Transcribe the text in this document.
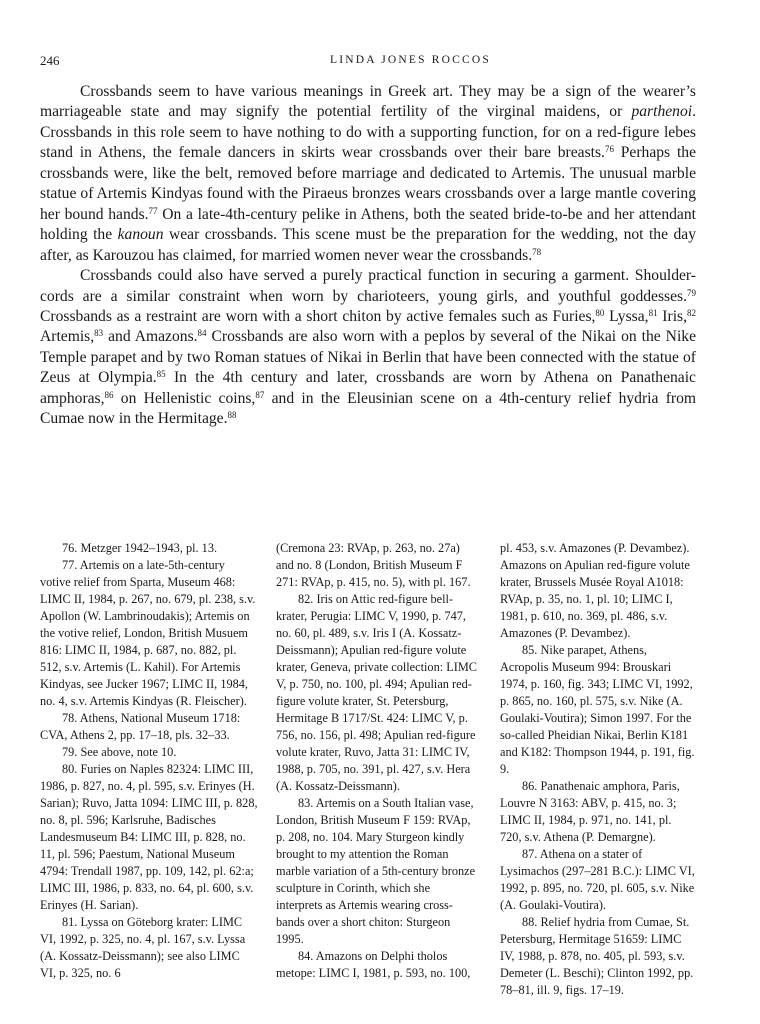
246	LINDA JONES ROCCOS

Crossbands seem to have various meanings in Greek art. They may be a sign of the wearer’s marriageable state and may signify the potential fertility of the virginal maidens, or parthenoi. Crossbands in this role seem to have nothing to do with a supporting function, for on a red-figure lebes stand in Athens, the female dancers in skirts wear crossbands over their bare breasts.$^{76}$ Perhaps the crossbands were, like the belt, removed before marriage and dedicated to Artemis. The unusual marble statue of Artemis Kindyas found with the Piraeus bronzes wears crossbands over a large mantle covering her bound hands.$^{77}$ On a late-4th-century pelike in Athens, both the seated bride-to-be and her attendant holding the kanoun wear crossbands. This scene must be the preparation for the wedding, not the day after, as Karouzou has claimed, for married women never wear the crossbands.$^{78}$

Crossbands could also have served a purely practical function in securing a garment. Shoulder-cords are a similar constraint when worn by charioteers, young girls, and youthful goddesses.$^{79}$ Crossbands as a restraint are worn with a short chiton by active females such as Furies,$^{80}$ Lyssa,$^{81}$ Iris,$^{82}$ Artemis,$^{83}$ and Amazons.$^{84}$ Crossbands are also worn with a peplos by several of the Nikai on the Nike Temple parapet and by two Roman statues of Nikai in Berlin that have been connected with the statue of Zeus at Olympia.$^{85}$ In the 4th century and later, crossbands are worn by Athena on Panathenaic amphoras,$^{86}$ on Hellenistic coins,$^{87}$ and in the Eleusinian scene on a 4th-century relief hydria from Cumae now in the Hermitage.$^{88}$

76. Metzger 1942–1943, pl. 13.

77. Artemis on a late-5th-century votive relief from Sparta, Museum 468: LIMC II, 1984, p. 267, no. 679, pl. 238, s.v. Apollon (W. Lambrinoudakis); Artemis on the votive relief, London, British Musuem 816: LIMC II, 1984, p. 687, no. 882, pl. 512, s.v. Artemis (L. Kahil). For Artemis Kindyas, see Jucker 1967; LIMC II, 1984, no. 4, s.v. Artemis Kindyas (R. Fleischer).

78. Athens, National Museum 1718: CVA, Athens 2, pp. 17–18, pls. 32–33.

79. See above, note 10.

80. Furies on Naples 82324: LIMC III, 1986, p. 827, no. 4, pl. 595, s.v. Erinyes (H. Sarian); Ruvo, Jatta 1094: LIMC III, p. 828, no. 8, pl. 596; Karlsruhe, Badisches Landesmuseum B4: LIMC III, p. 828, no. 11, pl. 596; Paestum, National Museum 4794: Trendall 1987, pp. 109, 142, pl. 62:a; LIMC III, 1986, p. 833, no. 64, pl. 600, s.v. Erinyes (H. Sarian).

81. Lyssa on Göteborg krater: LIMC VI, 1992, p. 325, no. 4, pl. 167, s.v. Lyssa (A. Kossatz-Deissmann); see also LIMC VI, p. 325, no. 6

(Cremona 23: RVAp, p. 263, no. 27a) and no. 8 (London, British Museum F 271: RVAp, p. 415, no. 5), with pl. 167.

82. Iris on Attic red-figure bell-krater, Perugia: LIMC V, 1990, p. 747, no. 60, pl. 489, s.v. Iris I (A. Kossatz-Deissmann); Apulian red-figure volute krater, Geneva, private collection: LIMC V, p. 750, no. 100, pl. 494; Apulian red-figure volute krater, St. Petersburg, Hermitage B 1717/St. 424: LIMC V, p. 756, no. 156, pl. 498; Apulian red-figure volute krater, Ruvo, Jatta 31: LIMC IV, 1988, p. 705, no. 391, pl. 427, s.v. Hera (A. Kossatz-Deissmann).

83. Artemis on a South Italian vase, London, British Museum F 159: RVAp, p. 208, no. 104. Mary Sturgeon kindly brought to my attention the Roman marble variation of a 5th-century bronze sculpture in Corinth, which she interprets as Artemis wearing cross-bands over a short chiton: Sturgeon 1995.

84. Amazons on Delphi tholos metope: LIMC I, 1981, p. 593, no. 100,

pl. 453, s.v. Amazones (P. Devambez). Amazons on Apulian red-figure volute krater, Brussels Musée Royal A1018: RVAp, p. 35, no. 1, pl. 10; LIMC I, 1981, p. 610, no. 369, pl. 486, s.v. Amazones (P. Devambez).

85. Nike parapet, Athens, Acropolis Museum 994: Brouskari 1974, p. 160, fig. 343; LIMC VI, 1992, p. 865, no. 160, pl. 575, s.v. Nike (A. Goulaki-Voutira); Simon 1997. For the so-called Pheidian Nikai, Berlin K181 and K182: Thompson 1944, p. 191, fig. 9.

86. Panathenaic amphora, Paris, Louvre N 3163: ABV, p. 415, no. 3; LIMC II, 1984, p. 971, no. 141, pl. 720, s.v. Athena (P. Demargne).

87. Athena on a stater of Lysimachos (297–281 B.C.): LIMC VI, 1992, p. 895, no. 720, pl. 605, s.v. Nike (A. Goulaki-Voutira).

88. Relief hydria from Cumae, St. Petersburg, Hermitage 51659: LIMC IV, 1988, p. 878, no. 405, pl. 593, s.v. Demeter (L. Beschi); Clinton 1992, pp. 78–81, ill. 9, figs. 17–19.
